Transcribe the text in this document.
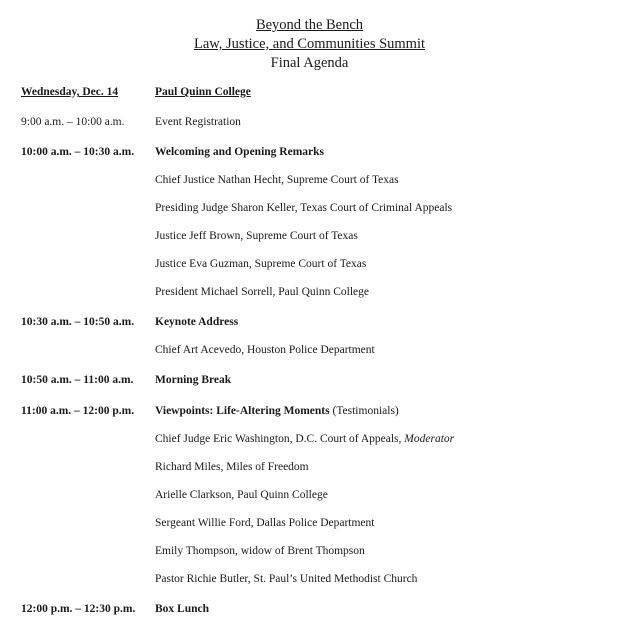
Beyond the Bench
Law, Justice, and Communities Summit
Final Agenda
Wednesday, Dec. 14	Paul Quinn College
9:00 a.m. – 10:00 a.m.	Event Registration
10:00 a.m. – 10:30 a.m. Welcoming and Opening Remarks
Chief Justice Nathan Hecht, Supreme Court of Texas
Presiding Judge Sharon Keller, Texas Court of Criminal Appeals
Justice Jeff Brown, Supreme Court of Texas
Justice Eva Guzman, Supreme Court of Texas
President Michael Sorrell, Paul Quinn College
10:30 a.m. – 10:50 a.m. Keynote Address
Chief Art Acevedo, Houston Police Department
10:50 a.m. – 11:00 a.m. Morning Break
11:00 a.m. – 12:00 p.m. Viewpoints: Life-Altering Moments (Testimonials)
Chief Judge Eric Washington, D.C. Court of Appeals, Moderator
Richard Miles, Miles of Freedom
Arielle Clarkson, Paul Quinn College
Sergeant Willie Ford, Dallas Police Department
Emily Thompson, widow of Brent Thompson
Pastor Richie Butler, St. Paul’s United Methodist Church
12:00 p.m. – 12:30 p.m. Box Lunch
